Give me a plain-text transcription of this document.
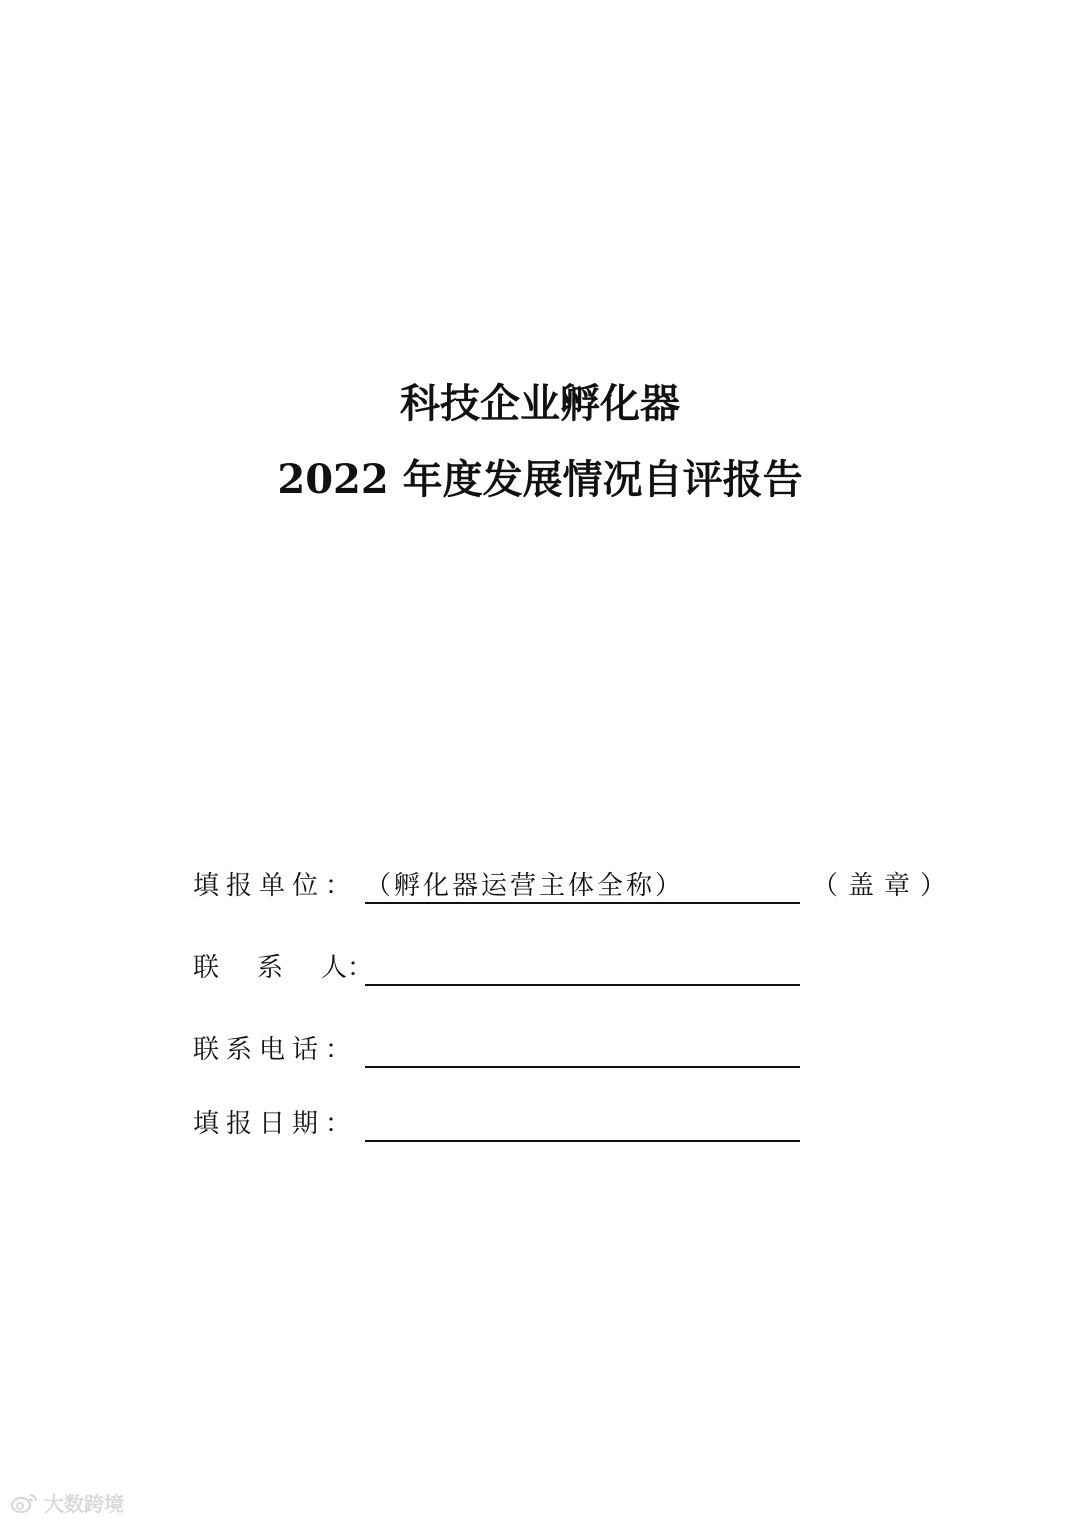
科技企业孵化器
2022 年度发展情况自评报告
填报单位： （孵化器运营主体全称）	（盖章）
联 系 人：
联系电话：
填报日期：
大数跨境
